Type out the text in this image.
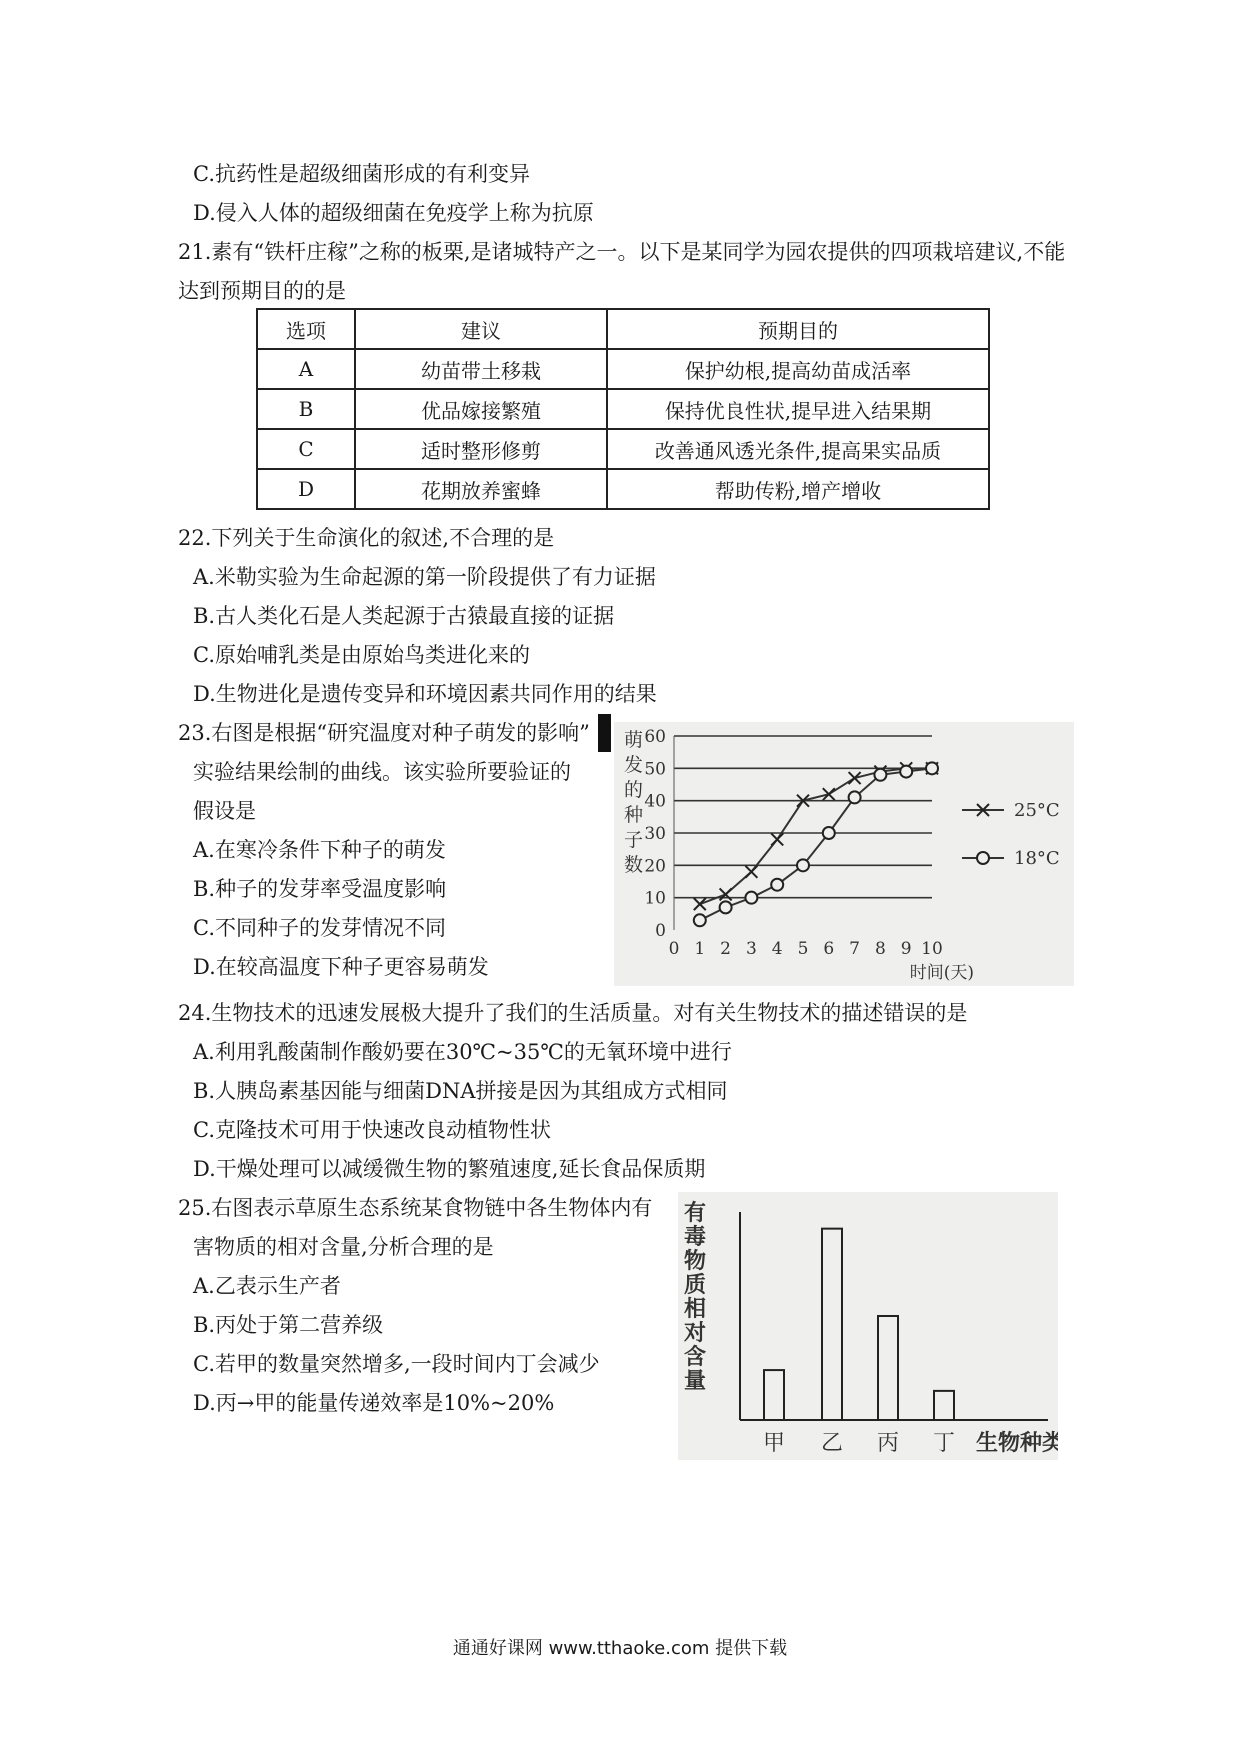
C.抗药性是超级细菌形成的有利变异
D.侵入人体的超级细菌在免疫学上称为抗原
21.素有“铁杆庄稼”之称的板栗,是诸城特产之一。以下是某同学为园农提供的四项栽培建议,不能
达到预期目的的是
选项	建议	预期目的
A	幼苗带土移栽	保护幼根,提高幼苗成活率
B	优品嫁接繁殖	保持优良性状,提早进入结果期
C	适时整形修剪	改善通风透光条件,提高果实品质
D	花期放养蜜蜂	帮助传粉,增产增收
22.下列关于生命演化的叙述,不合理的是
A.米勒实验为生命起源的第一阶段提供了有力证据
B.古人类化石是人类起源于古猿最直接的证据
C.原始哺乳类是由原始鸟类进化来的
D.生物进化是遗传变异和环境因素共同作用的结果
23.右图是根据“研究温度对种子萌发的影响”
实验结果绘制的曲线。该实验所要验证的
假设是
A.在寒冷条件下种子的萌发
B.种子的发芽率受温度影响
C.不同种子的发芽情况不同
D.在较高温度下种子更容易萌发
萌
发
的
种
子
数
0
10
20
30
40
50
60
0 1 2 3 4 5 6 7 8 9 10
时间(天)
25°C
18°C
24.生物技术的迅速发展极大提升了我们的生活质量。对有关生物技术的描述错误的是
A.利用乳酸菌制作酸奶要在30℃~35℃的无氧环境中进行
B.人胰岛素基因能与细菌DNA拼接是因为其组成方式相同
C.克隆技术可用于快速改良动植物性状
D.干燥处理可以减缓微生物的繁殖速度,延长食品保质期
25.右图表示草原生态系统某食物链中各生物体内有
害物质的相对含量,分析合理的是
A.乙表示生产者
B.丙处于第二营养级
C.若甲的数量突然增多,一段时间内丁会减少
D.丙→甲的能量传递效率是10%~20%
有
毒
物
质
相
对
含
量
甲 乙 丙 丁 生物种类
通通好课网 www.tthaoke.com 提供下载
